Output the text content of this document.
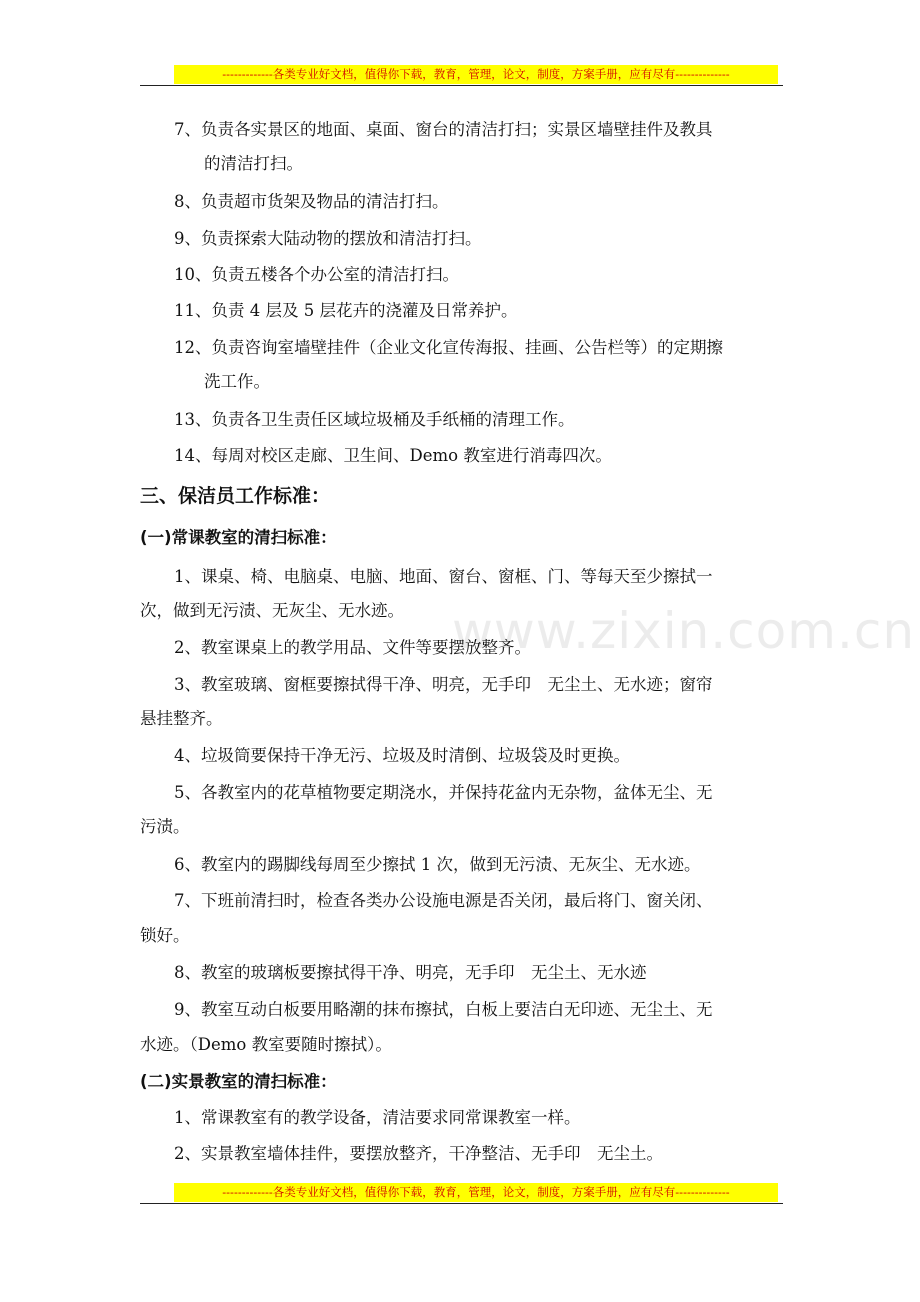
-------------各类专业好文档，值得你下载，教育，管理，论文，制度，方案手册，应有尽有--------------
www.zixin.com.cn
7、负责各实景区的地面、桌面、窗台的清洁打扫；实景区墙壁挂件及教具
的清洁打扫。
8、负责超市货架及物品的清洁打扫。
9、负责探索大陆动物的摆放和清洁打扫。
10、负责五楼各个办公室的清洁打扫。
11、负责 4 层及 5 层花卉的浇灌及日常养护。
12、负责咨询室墙壁挂件（企业文化宣传海报、挂画、公告栏等）的定期擦
洗工作。
13、负责各卫生责任区域垃圾桶及手纸桶的清理工作。
14、每周对校区走廊、卫生间、Demo 教室进行消毒四次。
三、保洁员工作标准：
(一)常课教室的清扫标准：
1、课桌、椅、电脑桌、电脑、地面、窗台、窗框、门、等每天至少擦拭一
次，做到无污渍、无灰尘、无水迹。
2、教室课桌上的教学用品、文件等要摆放整齐。
3、教室玻璃、窗框要擦拭得干净、明亮，无手印　无尘土、无水迹；窗帘
悬挂整齐。
4、垃圾筒要保持干净无污、垃圾及时清倒、垃圾袋及时更换。
5、各教室内的花草植物要定期浇水，并保持花盆内无杂物，盆体无尘、无
污渍。
6、教室内的踢脚线每周至少擦拭 1 次，做到无污渍、无灰尘、无水迹。
7、下班前清扫时，检查各类办公设施电源是否关闭，最后将门、窗关闭、
锁好。
8、教室的玻璃板要擦拭得干净、明亮，无手印　无尘土、无水迹
9、教室互动白板要用略潮的抹布擦拭，白板上要洁白无印迹、无尘土、无
水迹。（Demo 教室要随时擦拭）。
(二)实景教室的清扫标准：
1、常课教室有的教学设备，清洁要求同常课教室一样。
2、实景教室墙体挂件，要摆放整齐，干净整洁、无手印　无尘土。
-------------各类专业好文档，值得你下载，教育，管理，论文，制度，方案手册，应有尽有--------------
